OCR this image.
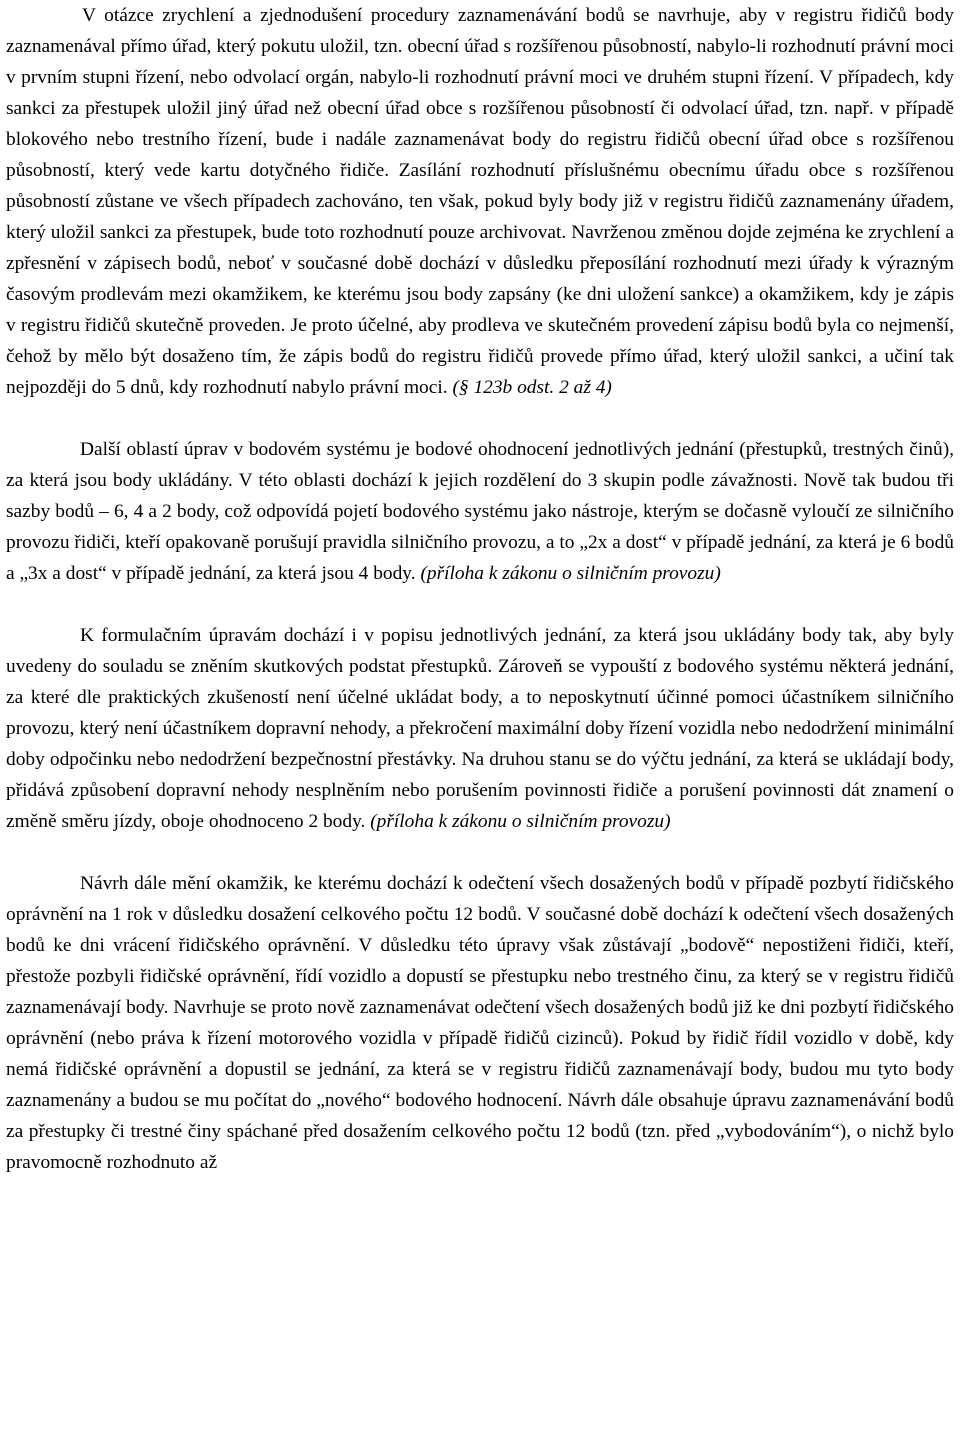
V otázce zrychlení a zjednodušení procedury zaznamenávání bodů se navrhuje, aby v registru řidičů body zaznamenával přímo úřad, který pokutu uložil, tzn. obecní úřad s rozšířenou působností, nabylo-li rozhodnutí právní moci v prvním stupni řízení, nebo odvolací orgán, nabylo-li rozhodnutí právní moci ve druhém stupni řízení. V případech, kdy sankci za přestupek uložil jiný úřad než obecní úřad obce s rozšířenou působností či odvolací úřad, tzn. např. v případě blokového nebo trestního řízení, bude i nadále zaznamenávat body do registru řidičů obecní úřad obce s rozšířenou působností, který vede kartu dotyčného řidiče. Zasílání rozhodnutí příslušnému obecnímu úřadu obce s rozšířenou působností zůstane ve všech případech zachováno, ten však, pokud byly body již v registru řidičů zaznamenány úřadem, který uložil sankci za přestupek, bude toto rozhodnutí pouze archivovat. Navrženou změnou dojde zejména ke zrychlení a zpřesnění v zápisech bodů, neboť v současné době dochází v důsledku přeposílání rozhodnutí mezi úřady k výrazným časovým prodlevám mezi okamžikem, ke kterému jsou body zapsány (ke dni uložení sankce) a okamžikem, kdy je zápis v registru řidičů skutečně proveden. Je proto účelné, aby prodleva ve skutečném provedení zápisu bodů byla co nejmenší, čehož by mělo být dosaženo tím, že zápis bodů do registru řidičů provede přímo úřad, který uložil sankci, a učiní tak nejpozději do 5 dnů, kdy rozhodnutí nabylo právní moci. (§ 123b odst. 2 až 4)

Další oblastí úprav v bodovém systému je bodové ohodnocení jednotlivých jednání (přestupků, trestných činů), za která jsou body ukládány. V této oblasti dochází k jejich rozdělení do 3 skupin podle závažnosti. Nově tak budou tři sazby bodů – 6, 4 a 2 body, což odpovídá pojetí bodového systému jako nástroje, kterým se dočasně vyloučí ze silničního provozu řidiči, kteří opakovaně porušují pravidla silničního provozu, a to „2x a dost“ v případě jednání, za která je 6 bodů a „3x a dost“ v případě jednání, za která jsou 4 body. (příloha k zákonu o silničním provozu)

K formulačním úpravám dochází i v popisu jednotlivých jednání, za která jsou ukládány body tak, aby byly uvedeny do souladu se zněním skutkových podstat přestupků. Zároveň se vypouští z bodového systému některá jednání, za které dle praktických zkušeností není účelné ukládat body, a to neposkytnutí účinné pomoci účastníkem silničního provozu, který není účastníkem dopravní nehody, a překročení maximální doby řízení vozidla nebo nedodržení minimální doby odpočinku nebo nedodržení bezpečnostní přestávky. Na druhou stanu se do výčtu jednání, za která se ukládají body, přidává způsobení dopravní nehody nesplněním nebo porušením povinnosti řidiče a porušení povinnosti dát znamení o změně směru jízdy, oboje ohodnoceno 2 body. (příloha k zákonu o silničním provozu)

Návrh dále mění okamžik, ke kterému dochází k odečtení všech dosažených bodů v případě pozbytí řidičského oprávnění na 1 rok v důsledku dosažení celkového počtu 12 bodů. V současné době dochází k odečtení všech dosažených bodů ke dni vrácení řidičského oprávnění. V důsledku této úpravy však zůstávají „bodově“ nepostiženi řidiči, kteří, přestože pozbyli řidičské oprávnění, řídí vozidlo a dopustí se přestupku nebo trestného činu, za který se v registru řidičů zaznamenávají body. Navrhuje se proto nově zaznamenávat odečtení všech dosažených bodů již ke dni pozbytí řidičského oprávnění (nebo práva k řízení motorového vozidla v případě řidičů cizinců). Pokud by řidič řídil vozidlo v době, kdy nemá řidičské oprávnění a dopustil se jednání, za která se v registru řidičů zaznamenávají body, budou mu tyto body zaznamenány a budou se mu počítat do „nového“ bodového hodnocení. Návrh dále obsahuje úpravu zaznamenávání bodů za přestupky či trestné činy spáchané před dosažením celkového počtu 12 bodů (tzn. před „vybodováním“), o nichž bylo pravomocně rozhodnuto až
